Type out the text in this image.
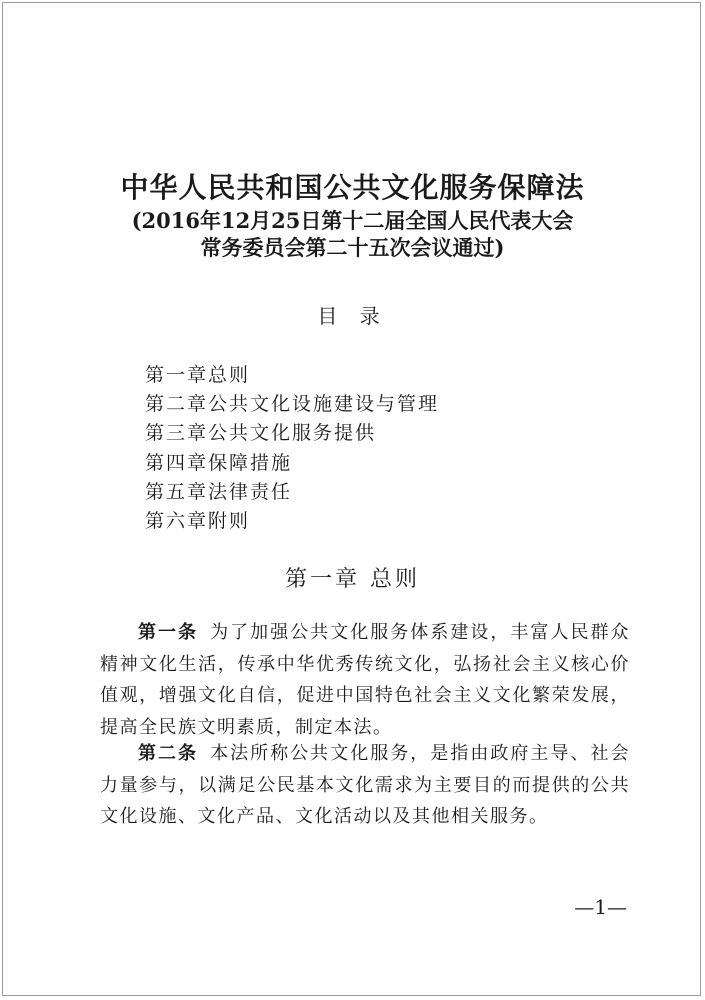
中华人民共和国公共文化服务保障法
(2016年12月25日第十二届全国人民代表大会
常务委员会第二十五次会议通过)
目 录
第一章总则
第二章公共文化设施建设与管理
第三章公共文化服务提供
第四章保障措施
第五章法律责任
第六章附则
第一章 总则

第一条 为了加强公共文化服务体系建设，丰富人民群众精神文化生活，传承中华优秀传统文化，弘扬社会主义核心价值观，增强文化自信，促进中国特色社会主义文化繁荣发展，提高全民族文明素质，制定本法。

第二条 本法所称公共文化服务，是指由政府主导、社会力量参与，以满足公民基本文化需求为主要目的而提供的公共文化设施、文化产品、文化活动以及其他相关服务。

—1—
